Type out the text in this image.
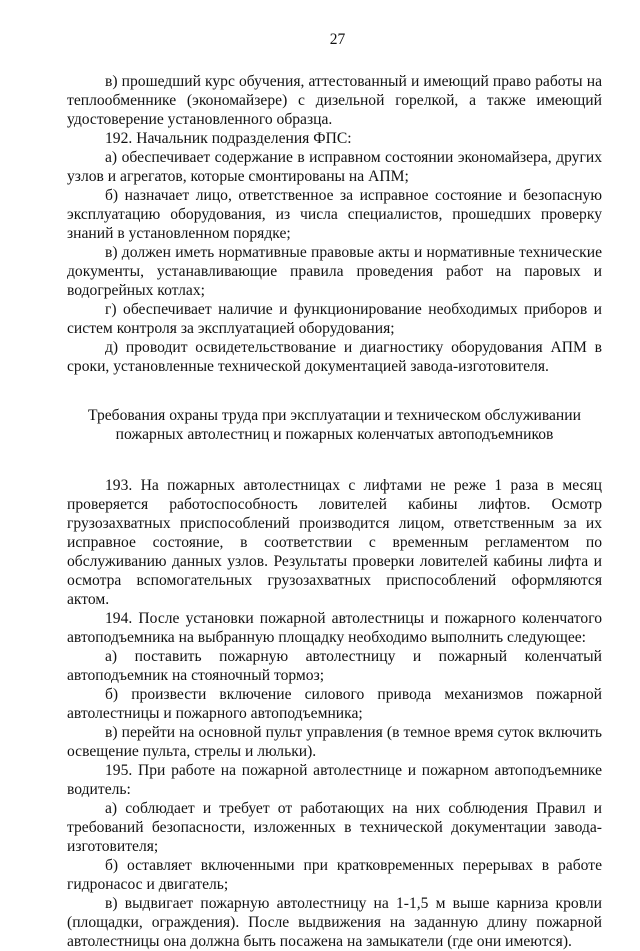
27

в) прошедший курс обучения, аттестованный и имеющий право работы на теплообменнике (экономайзере) с дизельной горелкой, а также имеющий удостоверение установленного образца.

192. Начальник подразделения ФПС:

а) обеспечивает содержание в исправном состоянии экономайзера, других узлов и агрегатов, которые смонтированы на АПМ;

б) назначает лицо, ответственное за исправное состояние и безопасную эксплуатацию оборудования, из числа специалистов, прошедших проверку знаний в установленном порядке;

в) должен иметь нормативные правовые акты и нормативные технические документы, устанавливающие правила проведения работ на паровых и водогрейных котлах;

г) обеспечивает наличие и функционирование необходимых приборов и систем контроля за эксплуатацией оборудования;

д) проводит освидетельствование и диагностику оборудования АПМ в сроки, установленные технической документацией завода-изготовителя.

Требования охраны труда при эксплуатации и техническом обслуживании
пожарных автолестниц и пожарных коленчатых автоподъемников

193. На пожарных автолестницах с лифтами не реже 1 раза в месяц проверяется работоспособность ловителей кабины лифтов. Осмотр грузозахватных приспособлений производится лицом, ответственным за их исправное состояние, в соответствии с временным регламентом по обслуживанию данных узлов. Результаты проверки ловителей кабины лифта и осмотра вспомогательных грузозахватных приспособлений оформляются актом.

194. После установки пожарной автолестницы и пожарного коленчатого автоподъемника на выбранную площадку необходимо выполнить следующее:

а) поставить пожарную автолестницу и пожарный коленчатый автоподъемник на стояночный тормоз;

б) произвести включение силового привода механизмов пожарной автолестницы и пожарного автоподъемника;

в) перейти на основной пульт управления (в темное время суток включить освещение пульта, стрелы и люльки).

195. При работе на пожарной автолестнице и пожарном автоподъемнике водитель:

а) соблюдает и требует от работающих на них соблюдения Правил и требований безопасности, изложенных в технической документации завода-изготовителя;

б) оставляет включенными при кратковременных перерывах в работе гидронасос и двигатель;

в) выдвигает пожарную автолестницу на 1-1,5 м выше карниза кровли (площадки, ограждения). После выдвижения на заданную длину пожарной автолестницы она должна быть посажена на замыкатели (где они имеются).
